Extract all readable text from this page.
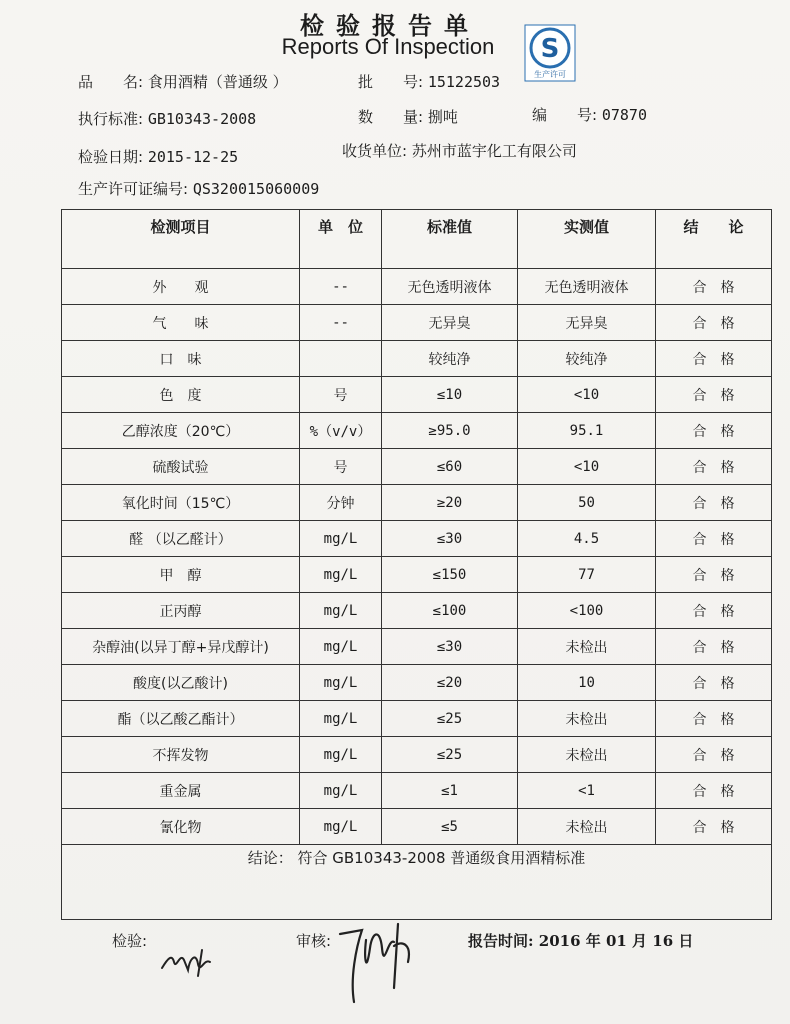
检验报告单
Reports Of Inspection	S
生产许可
品　　名: 食用酒精（普通级 ）	批　　号: 15122503
执行标准: GB10343-2008	数　　量: 捌吨	编　　号: 07870
检验日期: 2015-12-25	收货单位: 苏州市蓝宇化工有限公司
生产许可证编号: QS320015060009
检测项目	单　位	标准值	实测值	结　　论
外　　观	--	无色透明液体	无色透明液体	合　格
气　　味	--	无异臭	无异臭	合　格
口　味		较纯净	较纯净	合　格
色　度	号	≤10	<10	合　格
乙醇浓度（20℃）	%（v/v）	≥95.0	95.1	合　格
硫酸试验	号	≤60	<10	合　格
氧化时间（15℃）	分钟	≥20	50	合　格
醛 （以乙醛计）	mg/L	≤30	4.5	合　格
甲　醇	mg/L	≤150	77	合　格
正丙醇	mg/L	≤100	<100	合　格
杂醇油(以异丁醇+异戊醇计)	mg/L	≤30	未检出	合　格
酸度(以乙酸计)	mg/L	≤20	10	合　格
酯（以乙酸乙酯计）	mg/L	≤25	未检出	合　格
不挥发物	mg/L	≤25	未检出	合　格
重金属	mg/L	≤1	<1	合　格
氰化物	mg/L	≤5	未检出	合　格
结论： 符合 GB10343-2008 普通级食用酒精标准				
检验:	审核:	报告时间: 2016 年 01 月 16 日
